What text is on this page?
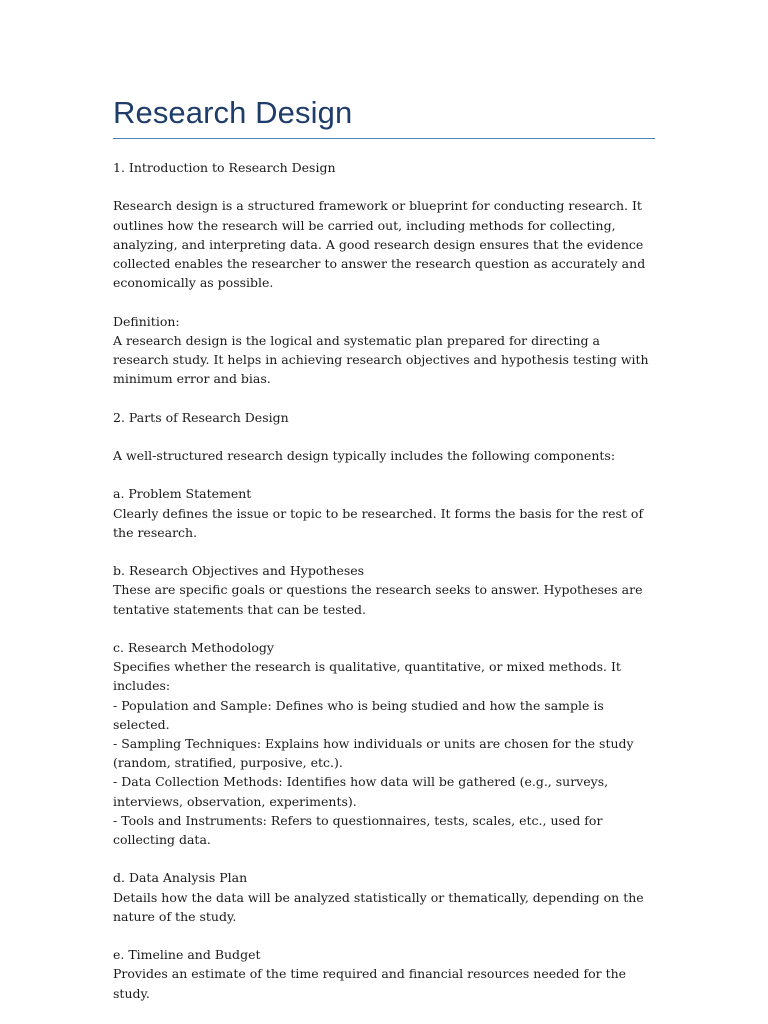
Research Design

1. Introduction to Research Design

Research design is a structured framework or blueprint for conducting research. It outlines how the research will be carried out, including methods for collecting, analyzing, and interpreting data. A good research design ensures that the evidence collected enables the researcher to answer the research question as accurately and economically as possible.

Definition:
A research design is the logical and systematic plan prepared for directing a research study. It helps in achieving research objectives and hypothesis testing with minimum error and bias.

2. Parts of Research Design

A well-structured research design typically includes the following components:

a. Problem Statement
Clearly defines the issue or topic to be researched. It forms the basis for the rest of the research.

b. Research Objectives and Hypotheses
These are specific goals or questions the research seeks to answer. Hypotheses are tentative statements that can be tested.

c. Research Methodology
Specifies whether the research is qualitative, quantitative, or mixed methods. It includes:
- Population and Sample: Defines who is being studied and how the sample is selected.
- Sampling Techniques: Explains how individuals or units are chosen for the study (random, stratified, purposive, etc.).
- Data Collection Methods: Identifies how data will be gathered (e.g., surveys, interviews, observation, experiments).
- Tools and Instruments: Refers to questionnaires, tests, scales, etc., used for collecting data.

d. Data Analysis Plan
Details how the data will be analyzed statistically or thematically, depending on the nature of the study.

e. Timeline and Budget
Provides an estimate of the time required and financial resources needed for the study.
